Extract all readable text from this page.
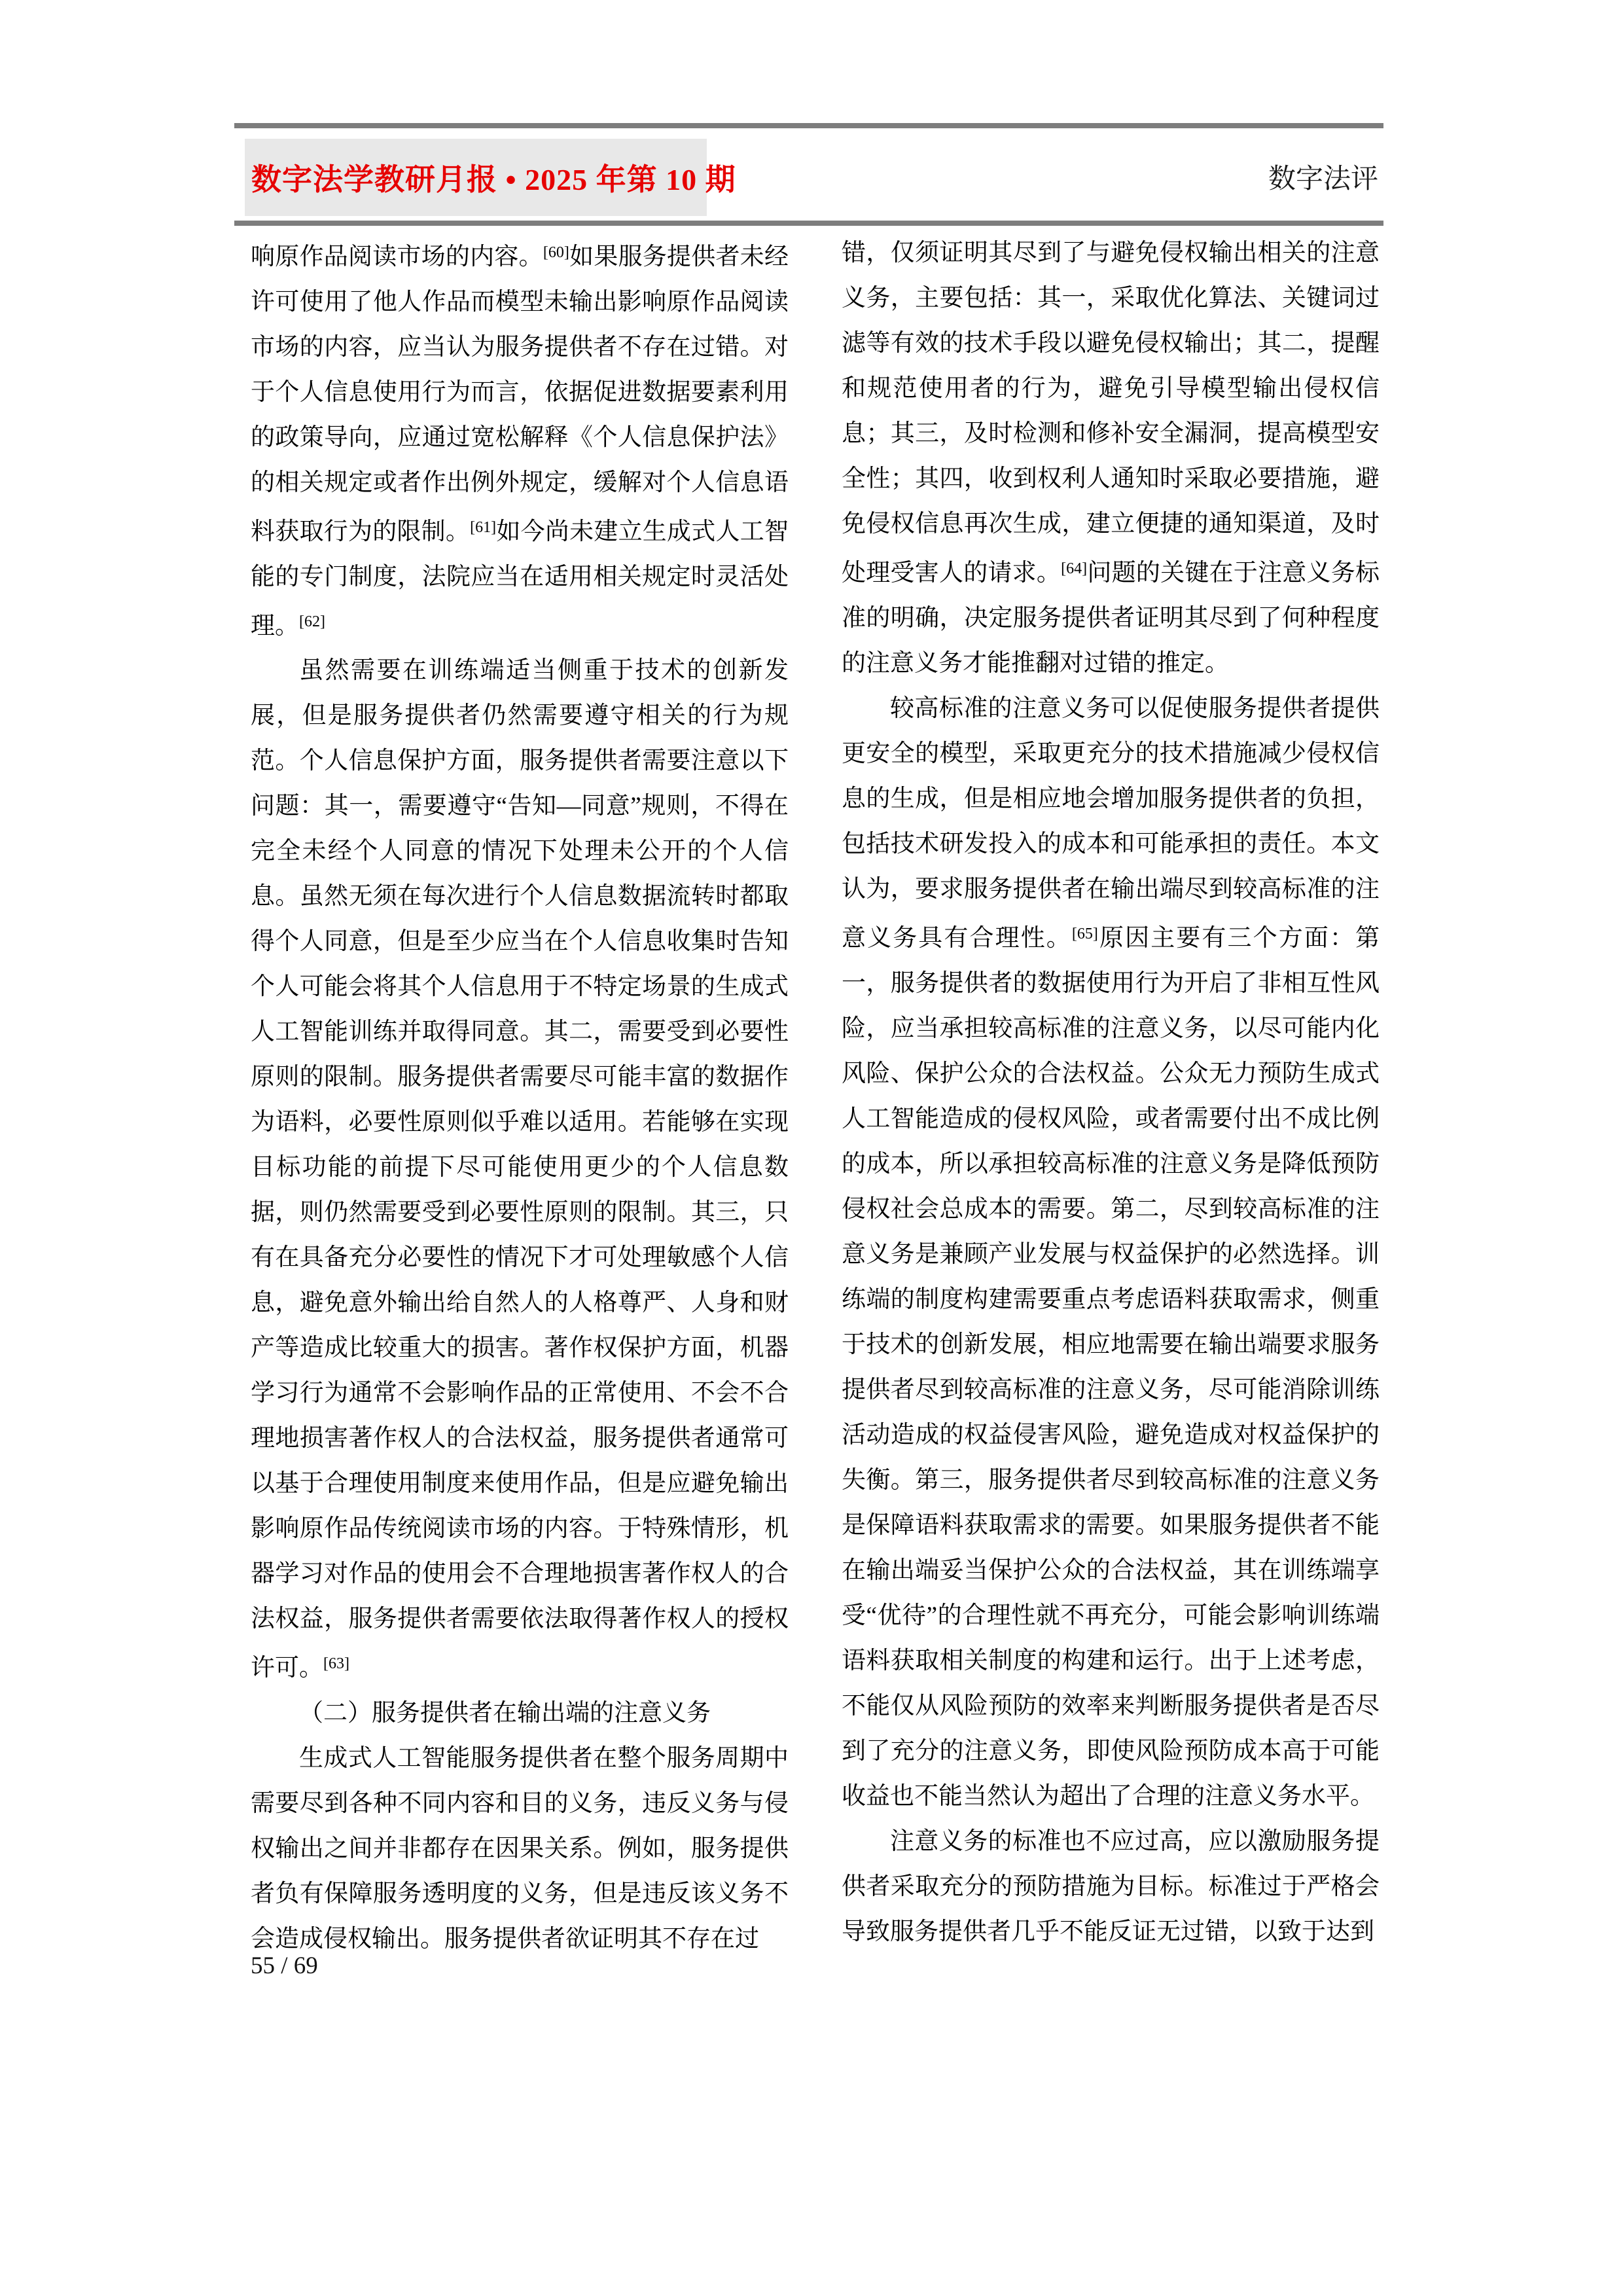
数字法学教研月报 • 2025 年第 10 期	数字法评

响原作品阅读市场的内容。[60]如果服务提供者未经许可使用了他人作品而模型未输出影响原作品阅读市场的内容，应当认为服务提供者不存在过错。对于个人信息使用行为而言，依据促进数据要素利用的政策导向，应通过宽松解释《个人信息保护法》的相关规定或者作出例外规定，缓解对个人信息语料获取行为的限制。[61]如今尚未建立生成式人工智能的专门制度，法院应当在适用相关规定时灵活处理。[62]

虽然需要在训练端适当侧重于技术的创新发展，但是服务提供者仍然需要遵守相关的行为规范。个人信息保护方面，服务提供者需要注意以下问题：其一，需要遵守“告知—同意”规则，不得在完全未经个人同意的情况下处理未公开的个人信息。虽然无须在每次进行个人信息数据流转时都取得个人同意，但是至少应当在个人信息收集时告知个人可能会将其个人信息用于不特定场景的生成式人工智能训练并取得同意。其二，需要受到必要性原则的限制。服务提供者需要尽可能丰富的数据作为语料，必要性原则似乎难以适用。若能够在实现目标功能的前提下尽可能使用更少的个人信息数据，则仍然需要受到必要性原则的限制。其三，只有在具备充分必要性的情况下才可处理敏感个人信息，避免意外输出给自然人的人格尊严、人身和财产等造成比较重大的损害。著作权保护方面，机器学习行为通常不会影响作品的正常使用、不会不合理地损害著作权人的合法权益，服务提供者通常可以基于合理使用制度来使用作品，但是应避免输出影响原作品传统阅读市场的内容。于特殊情形，机器学习对作品的使用会不合理地损害著作权人的合法权益，服务提供者需要依法取得著作权人的授权许可。[63]

（二）服务提供者在输出端的注意义务

生成式人工智能服务提供者在整个服务周期中需要尽到各种不同内容和目的义务，违反义务与侵权输出之间并非都存在因果关系。例如，服务提供者负有保障服务透明度的义务，但是违反该义务不会造成侵权输出。服务提供者欲证明其不存在过

错，仅须证明其尽到了与避免侵权输出相关的注意义务，主要包括：其一，采取优化算法、关键词过滤等有效的技术手段以避免侵权输出；其二，提醒和规范使用者的行为，避免引导模型输出侵权信息；其三，及时检测和修补安全漏洞，提高模型安全性；其四，收到权利人通知时采取必要措施，避免侵权信息再次生成，建立便捷的通知渠道，及时处理受害人的请求。[64]问题的关键在于注意义务标准的明确，决定服务提供者证明其尽到了何种程度的注意义务才能推翻对过错的推定。

较高标准的注意义务可以促使服务提供者提供更安全的模型，采取更充分的技术措施减少侵权信息的生成，但是相应地会增加服务提供者的负担，包括技术研发投入的成本和可能承担的责任。本文认为，要求服务提供者在输出端尽到较高标准的注意义务具有合理性。[65]原因主要有三个方面：第一，服务提供者的数据使用行为开启了非相互性风险，应当承担较高标准的注意义务，以尽可能内化风险、保护公众的合法权益。公众无力预防生成式人工智能造成的侵权风险，或者需要付出不成比例的成本，所以承担较高标准的注意义务是降低预防侵权社会总成本的需要。第二，尽到较高标准的注意义务是兼顾产业发展与权益保护的必然选择。训练端的制度构建需要重点考虑语料获取需求，侧重于技术的创新发展，相应地需要在输出端要求服务提供者尽到较高标准的注意义务，尽可能消除训练活动造成的权益侵害风险，避免造成对权益保护的失衡。第三，服务提供者尽到较高标准的注意义务是保障语料获取需求的需要。如果服务提供者不能在输出端妥当保护公众的合法权益，其在训练端享受“优待”的合理性就不再充分，可能会影响训练端语料获取相关制度的构建和运行。出于上述考虑，不能仅从风险预防的效率来判断服务提供者是否尽到了充分的注意义务，即使风险预防成本高于可能收益也不能当然认为超出了合理的注意义务水平。

注意义务的标准也不应过高，应以激励服务提供者采取充分的预防措施为目标。标准过于严格会导致服务提供者几乎不能反证无过错，以致于达到

55 / 69
